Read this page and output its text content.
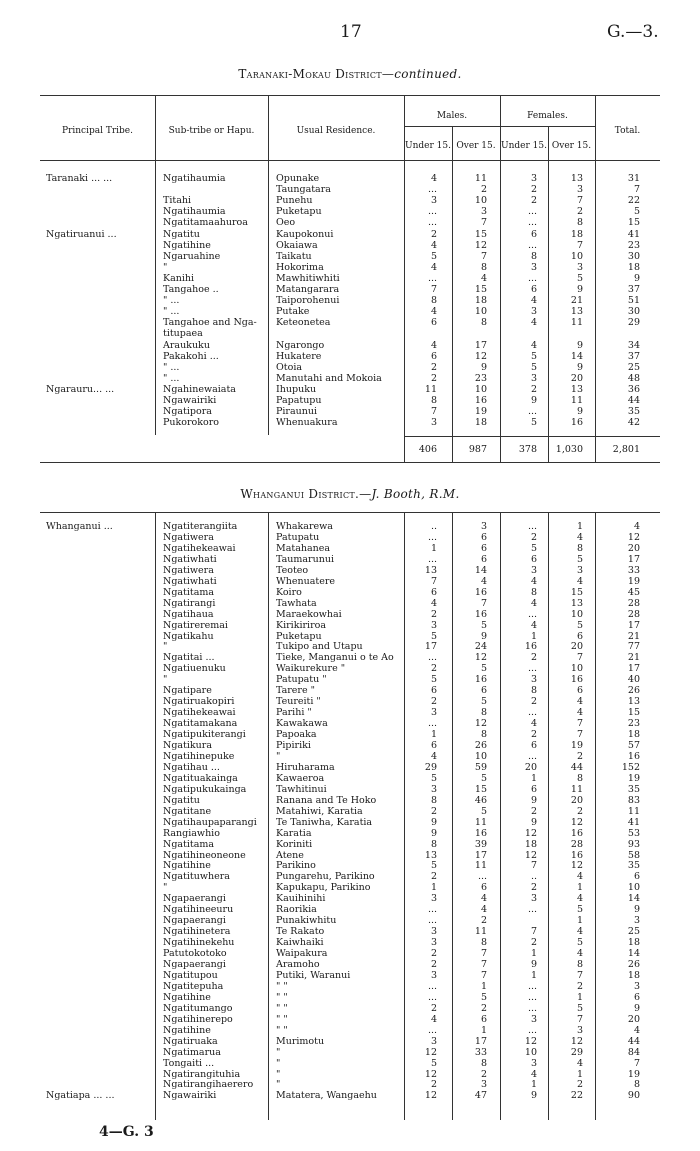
17	G.—3.
Taranaki-Mokau District—continued.
Principal Tribe.	Sub-tribe or Hapu.	Usual Residence.
Males.	Females.
Total.
Under 15. Over 15. Under 15. Over 15.
Taranaki ... ...	Ngatihaumia	Opunake	4	11	3	13	31
Taungatara	...	2	2	3	7
Titahi	Punehu	3	10	2	7	22
Ngatihaumia	Puketapu	...	3	...	2	5
Ngatitamaahuroa	Oeo	...	7	...	8	15
Ngatiruanui ...	Ngatitu	Kaupokonui	2	15	6	18	41
Ngatihine	Okaiawa	4	12	...	7	23
Ngaruahine	Taikatu	5	7	8	10	30
"	Hokorima	4	8	3	3	18
Kanihi	Mawhitiwhiti	...	4	...	5	9
Tangahoe ..	Matangarara	7	15	6	9	37
" ...	Taiporohenui	8	18	4	21	51
" ...	Putake	4	10	3	13	30
Tangahoe and Nga- Keteonetea	6	8	4	11	29
titupaea
Araukuku	Ngarongo	4	17	4	9	34
Pakakohi ...	Hukatere	6	12	5	14	37
" ...	Otoia	2	9	5	9	25
" ...	Manutahi and Mokoia	2	23	3	20	48
Ngarauru... ...	Ngahinewaiata	Ihupuku	11	10	2	13	36
Ngawairiki	Papatupu	8	16	9	11	44
Ngatipora	Piraunui	7	19	...	9	35
Pukorokoro	Whenuakura	3	18	5	16	42
406	987	378 1,030	2,801
Whanganui District.—J. Booth, R.M.
Whanganui ...	Ngatiterangiita	Whakarewa	..	3	...	1	4
Ngatiwera	Patupatu	...	6	2	4	12
Ngatihekeawai	Matahanea	1	6	5	8	20
Ngatiwhati	Taumarunui	...	6	6	5	17
Ngatiwera	Teoteo	13	14	3	3	33
Ngatiwhati	Whenuatere	7	4	4	4	19
Ngatitama	Koiro	6	16	8	15	45
Ngatirangi	Tawhata	4	7	4	13	28
Ngatihaua	Maraekowhai	2	16	...	10	28
Ngatireremai	Kirikiriroa	3	5	4	5	17
Ngatikahu	Puketapu	5	9	1	6	21
"	Tukipo and Utapu	17	24	16	20	77
Ngatitai ...	Tieke, Manganui o te Ao	...	12	2	7	21
Ngatiuenuku	Waikurekure "	2	5	...	10	17
"	Patupatu "	5	16	3	16	40
Ngatipare	Tarere "	6	6	8	6	26
Ngatiruakopiri	Teureiti "	2	5	2	4	13
Ngatihekeawai	Parihi "	3	8	...	4	15
Ngatitamakana	Kawakawa	...	12	4	7	23
Ngatipukiterangi	Papoaka	1	8	2	7	18
Ngatikura	Pipiriki	6	26	6	19	57
Ngatihinepuke	"	4	10	...	2	16
Ngatihau ...	Hiruharama	29	59	20	44	152
Ngatituakainga	Kawaeroa	5	5	1	8	19
Ngatipukukainga	Tawhitinui	3	15	6	11	35
Ngatitu	Ranana and Te Hoko	8	46	9	20	83
Ngatitane	Matahiwi, Karatia	2	5	2	2	11
Ngatihaupaparangi Te Taniwha, Karatia	9	11	9	12	41
Rangiawhio	Karatia	9	16	12	16	53
Ngatitama	Koriniti	8	39	18	28	93
Ngatihineoneone	Atene	13	17	12	16	58
Ngatihine	Parikino	5	11	7	12	35
Ngatituwhera	Pungarehu, Parikino	2	...	..	4	6
"	Kapukapu, Parikino	1	6	2	1	10
Ngapaerangi	Kauihinihi	3	4	3	4	14
Ngatihineeuru	Raorikia	...	4	...	5	9
Ngapaerangi	Punakiwhitu	...	2	1	3
Ngatihinetera	Te Rakato	3	11	7	4	25
Ngatihinekehu	Kaiwhaiki	3	8	2	5	18
Patutokotoko	Waipakura	2	7	1	4	14
Ngapaerangi	Aramoho	2	7	9	8	26
Ngatitupou	Putiki, Waranui	3	7	1	7	18
Ngatitepuhа	" "	...	1	...	2	3
Ngatihine	" "	...	5	...	1	6
Ngatitumango	" "	2	2	...	5	9
Ngatihinerepo	" "	4	6	3	7	20
Ngatihine	" "	...	1	...	3	4
Ngatiruaka	Murimotu	3	17	12	12	44
Ngatimarua	"	12	33	10	29	84
Tongaiti ...	"	5	8	3	4	7
Ngatirangituhia	"	12	2	4	1	19
Ngatirangihaerero "	2	3	1	2	8
Ngatiapa ... ...	Ngawairiki	Matatera, Wangaehu	12	47	9	22	90
4—G. 3
